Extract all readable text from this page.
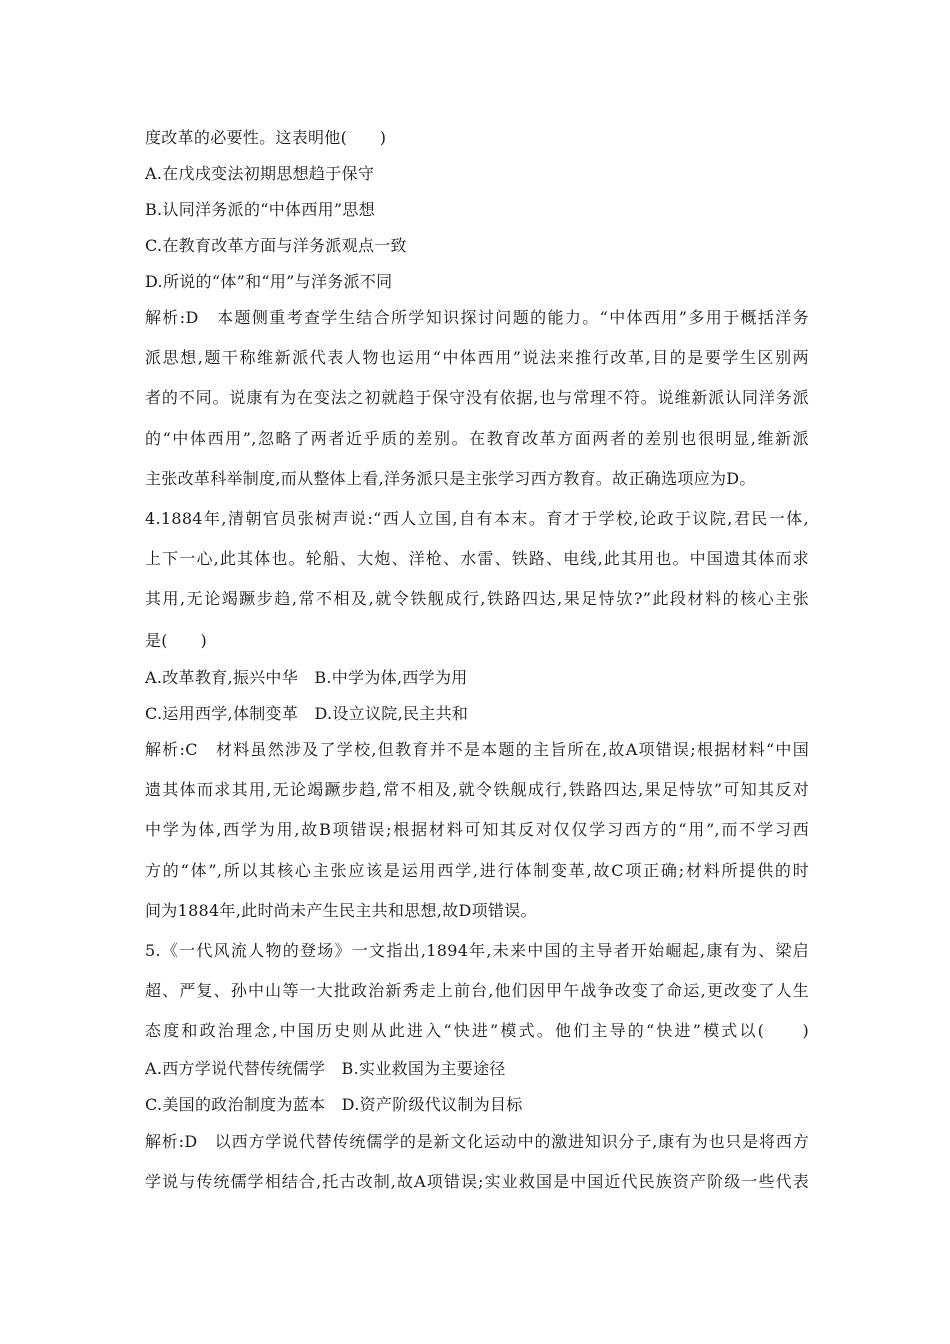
度改革的必要性。这表明他(　　)
A.在戊戌变法初期思想趋于保守
B.认同洋务派的“中体西用”思想
C.在教育改革方面与洋务派观点一致
D.所说的“体”和“用”与洋务派不同
解析:D　本题侧重考查学生结合所学知识探讨问题的能力。“中体西用”多用于概括洋务
派思想,题干称维新派代表人物也运用“中体西用”说法来推行改革,目的是要学生区别两
者的不同。说康有为在变法之初就趋于保守没有依据,也与常理不符。说维新派认同洋务派
的“中体西用”,忽略了两者近乎质的差别。在教育改革方面两者的差别也很明显,维新派
主张改革科举制度,而从整体上看,洋务派只是主张学习西方教育。故正确选项应为D。
4.1884年,清朝官员张树声说:“西人立国,自有本末。育才于学校,论政于议院,君民一体,
上下一心,此其体也。轮船、大炮、洋枪、水雷、铁路、电线,此其用也。中国遗其体而求
其用,无论竭蹶步趋,常不相及,就令铁舰成行,铁路四达,果足恃欤?”此段材料的核心主张
是(　　)
A.改革教育,振兴中华　B.中学为体,西学为用
C.运用西学,体制变革　D.设立议院,民主共和
解析:C　材料虽然涉及了学校,但教育并不是本题的主旨所在,故A项错误;根据材料“中国
遗其体而求其用,无论竭蹶步趋,常不相及,就令铁舰成行,铁路四达,果足恃欤”可知其反对
中学为体,西学为用,故B项错误;根据材料可知其反对仅仅学习西方的“用”,而不学习西
方的“体”,所以其核心主张应该是运用西学,进行体制变革,故C项正确;材料所提供的时
间为1884年,此时尚未产生民主共和思想,故D项错误。
5.《一代风流人物的登场》一文指出,1894年,未来中国的主导者开始崛起,康有为、梁启
超、严复、孙中山等一大批政治新秀走上前台,他们因甲午战争改变了命运,更改变了人生
态度和政治理念,中国历史则从此进入“快进”模式。他们主导的“快进”模式以(　　)
A.西方学说代替传统儒学　B.实业救国为主要途径
C.美国的政治制度为蓝本　D.资产阶级代议制为目标
解析:D　以西方学说代替传统儒学的是新文化运动中的激进知识分子,康有为也只是将西方
学说与传统儒学相结合,托古改制,故A项错误;实业救国是中国近代民族资产阶级一些代表
